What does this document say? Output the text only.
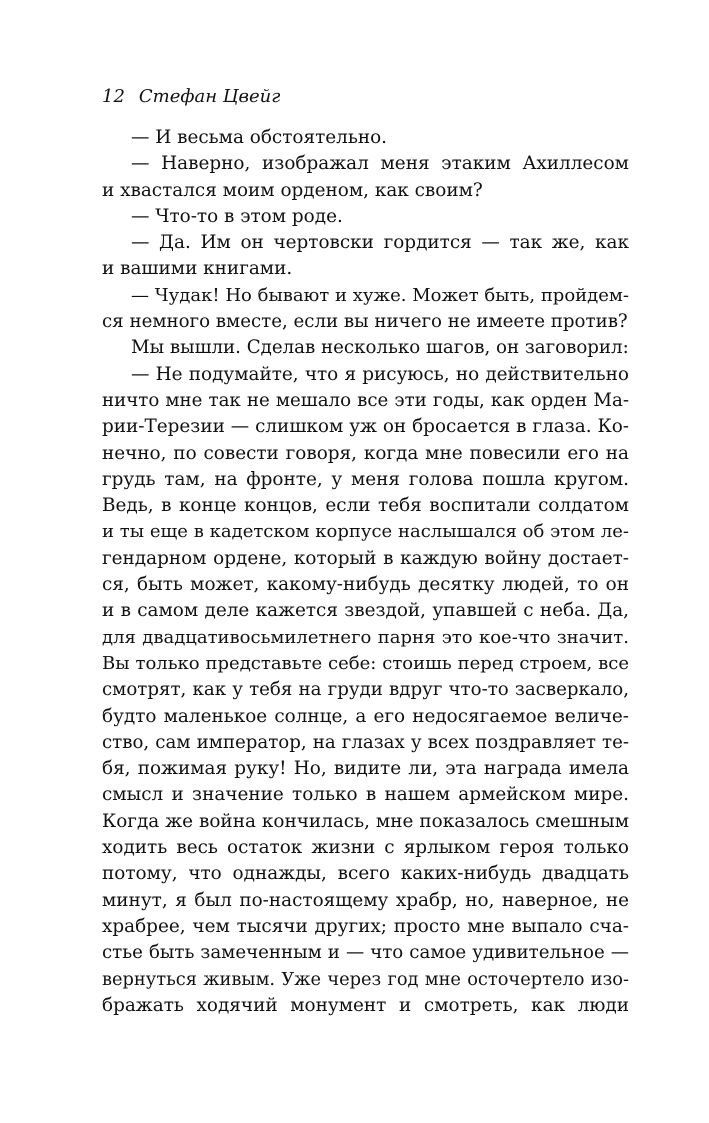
12 Стефан Цвейг
— И весьма обстоятельно.
— Наверно, изображал меня этаким Ахиллесом
и хвастался моим орденом, как своим?
— Что-то в этом роде.
— Да. Им он чертовски гордится — так же, как
и вашими книгами.
— Чудак! Но бывают и хуже. Может быть, пройдем-
ся немного вместе, если вы ничего не имеете против?
Мы вышли. Сделав несколько шагов, он заговорил:
— Не подумайте, что я рисуюсь, но действительно
ничто мне так не мешало все эти годы, как орден Ма-
рии-Терезии — слишком уж он бросается в глаза. Ко-
нечно, по совести говоря, когда мне повесили его на
грудь там, на фронте, у меня голова пошла кругом.
Ведь, в конце концов, если тебя воспитали солдатом
и ты еще в кадетском корпусе наслышался об этом ле-
гендарном ордене, который в каждую войну достает-
ся, быть может, какому-нибудь десятку людей, то он
и в самом деле кажется звездой, упавшей с неба. Да,
для двадцативосьмилетнего парня это кое-что значит.
Вы только представьте себе: стоишь перед строем, все
смотрят, как у тебя на груди вдруг что-то засверкало,
будто маленькое солнце, а его недосягаемое величе-
ство, сам император, на глазах у всех поздравляет те-
бя, пожимая руку! Но, видите ли, эта награда имела
смысл и значение только в нашем армейском мире.
Когда же война кончилась, мне показалось смешным
ходить весь остаток жизни с ярлыком героя только
потому, что однажды, всего каких-нибудь двадцать
минут, я был по-настоящему храбр, но, наверное, не
храбрее, чем тысячи других; просто мне выпало сча-
стье быть замеченным и — что самое удивительное —
вернуться живым. Уже через год мне осточертело изо-
бражать ходячий монумент и смотреть, как люди
